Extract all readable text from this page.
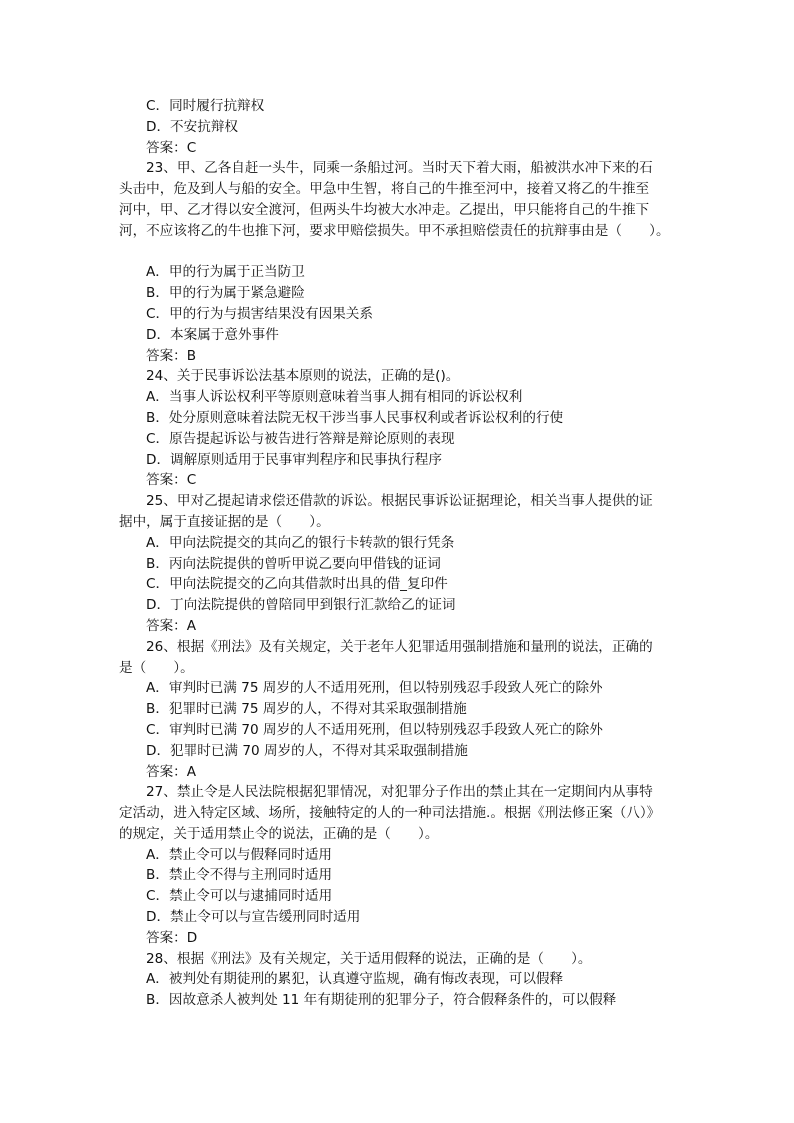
C．同时履行抗辩权
D．不安抗辩权
答案：C
23、甲、乙各自赶一头牛，同乘一条船过河。当时天下着大雨，船被洪水冲下来的石
头击中，危及到人与船的安全。甲急中生智，将自己的牛推至河中，接着又将乙的牛推至
河中，甲、乙才得以安全渡河，但两头牛均被大水冲走。乙提出，甲只能将自己的牛推下
河，不应该将乙的牛也推下河，要求甲赔偿损失。甲不承担赔偿责任的抗辩事由是（　　）。
A．甲的行为属于正当防卫
B．甲的行为属于紧急避险
C．甲的行为与损害结果没有因果关系
D．本案属于意外事件
答案：B
24、关于民事诉讼法基本原则的说法，正确的是()。
A．当事人诉讼权利平等原则意味着当事人拥有相同的诉讼权利
B．处分原则意味着法院无权干涉当事人民事权利或者诉讼权利的行使
C．原告提起诉讼与被告进行答辩是辩论原则的表现
D．调解原则适用于民事审判程序和民事执行程序
答案：C
25、甲对乙提起请求偿还借款的诉讼。根据民事诉讼证据理论，相关当事人提供的证
据中，属于直接证据的是（　　）。
A．甲向法院提交的其向乙的银行卡转款的银行凭条
B．丙向法院提供的曾听甲说乙要向甲借钱的证词
C．甲向法院提交的乙向其借款时出具的借_复印件
D．丁向法院提供的曾陪同甲到银行汇款给乙的证词
答案：A
26、根据《刑法》及有关规定，关于老年人犯罪适用强制措施和量刑的说法，正确的
是（　　）。
A．审判时已满 75 周岁的人不适用死刑，但以特别残忍手段致人死亡的除外
B．犯罪时已满 75 周岁的人，不得对其采取强制措施
C．审判时已满 70 周岁的人不适用死刑，但以特别残忍手段致人死亡的除外
D．犯罪时已满 70 周岁的人，不得对其采取强制措施
答案：A
27、禁止令是人民法院根据犯罪情况，对犯罪分子作出的禁止其在一定期间内从事特
定活动，进入特定区域、场所，接触特定的人的一种司法措施.。根据《刑法修正案（八）》
的规定，关于适用禁止令的说法，正确的是（　　）。
A．禁止令可以与假释同时适用
B．禁止令不得与主刑同时适用
C．禁止令可以与逮捕同时适用
D．禁止令可以与宣告缓刑同时适用
答案：D
28、根据《刑法》及有关规定，关于适用假释的说法，正确的是（　　）。
A．被判处有期徒刑的累犯，认真遵守监规，确有悔改表现，可以假释
B．因故意杀人被判处 11 年有期徒刑的犯罪分子，符合假释条件的，可以假释
